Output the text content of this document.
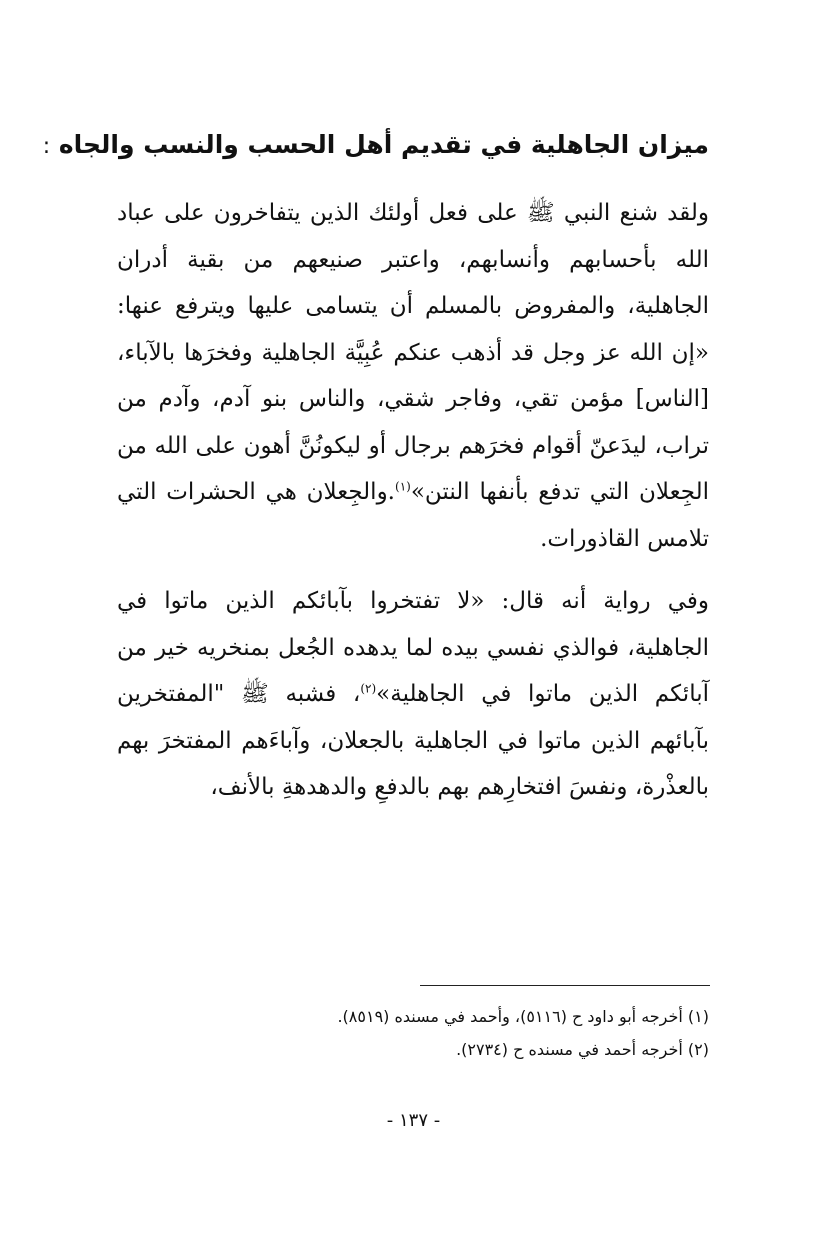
ميزان الجاهلية في تقديم أهل الحسب والنسب والجاه :

ولقد شنع النبي ﷺ على فعل أولئك الذين يتفاخرون على عباد الله بأحسابهم وأنسابهم، واعتبر صنيعهم من بقية أدران الجاهلية، والمفروض بالمسلم أن يتسامى عليها ويترفع عنها: «إن الله عز وجل قد أذهب عنكم عُبِيَّة الجاهلية وفخرَها بالآباء، [الناس] مؤمن تقي، وفاجر شقي، والناس بنو آدم، وآدم من تراب، ليدَعنّ أقوام فخرَهم برجال أو ليكونُنَّ أهون على الله من الجِعلان التي تدفع بأنفها النتن»$^{(١)}$.والجِعلان هي الحشرات التي تلامس القاذورات.

وفي رواية أنه قال: «لا تفتخروا بآبائكم الذين ماتوا في الجاهلية، فوالذي نفسي بيده لما يدهده الجُعل بمنخريه خير من آبائكم الذين ماتوا في الجاهلية»$^{(٢)}$، فشبه ﷺ "المفتخرين بآبائهم الذين ماتوا في الجاهلية بالجعلان، وآباءَهم المفتخرَ بهم بالعذْرة، ونفسَ افتخارِهم بهم بالدفعِ والدهدهةِ بالأنف،

(١) أخرجه أبو داود ح (٥١١٦)، وأحمد في مسنده (٨٥١٩).

(٢) أخرجه أحمد في مسنده ح (٢٧٣٤).

- ١٣٧ -
